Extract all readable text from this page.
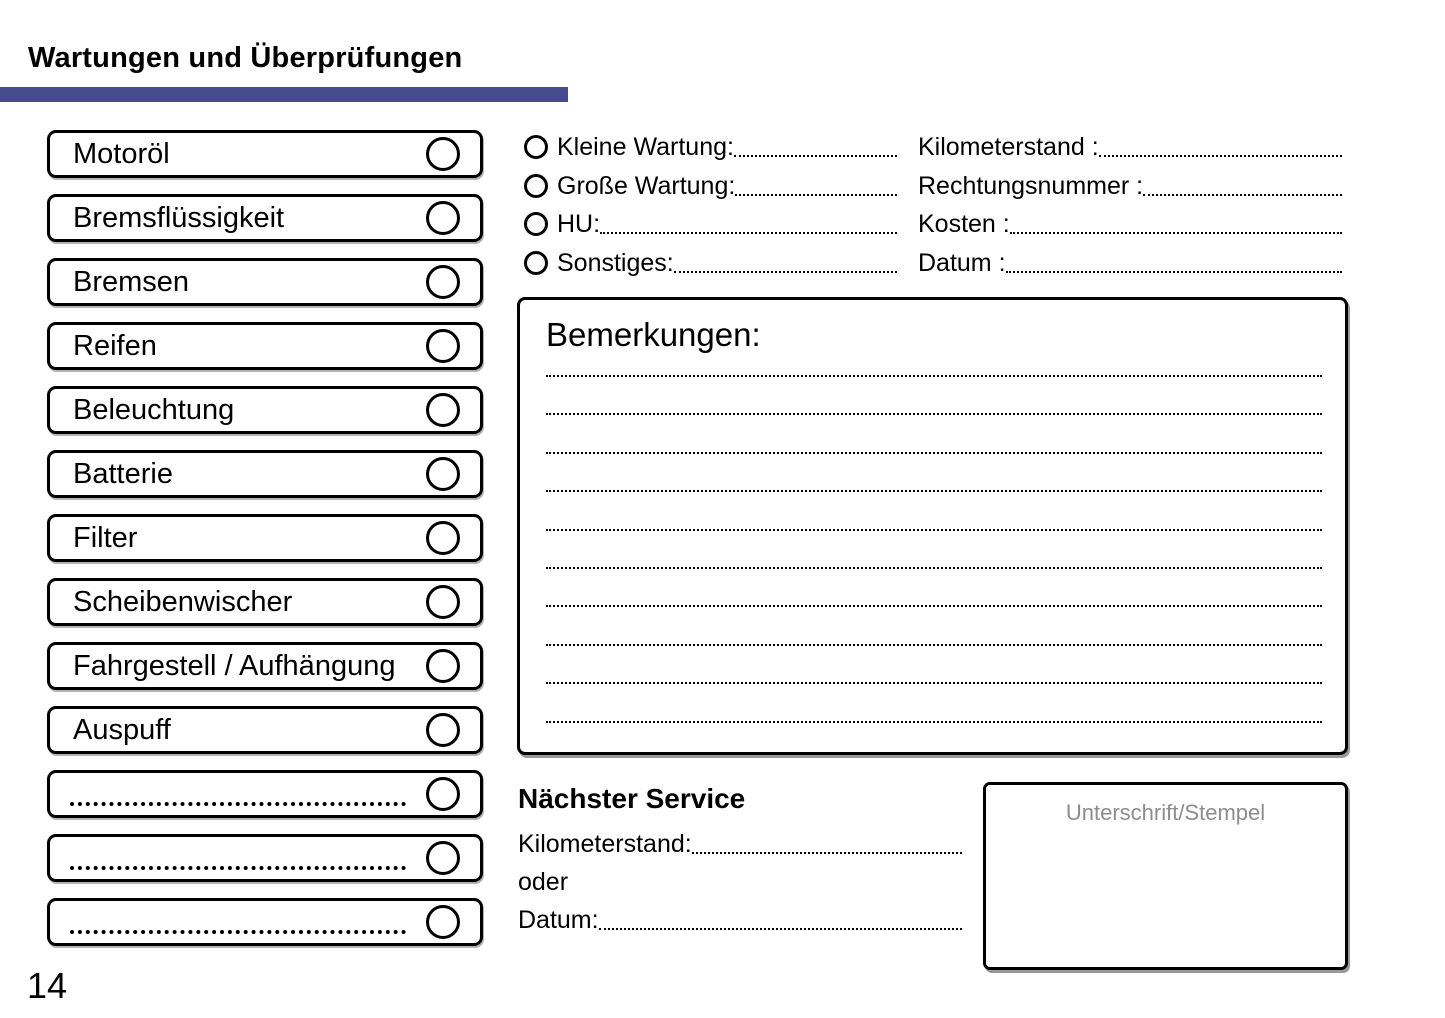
Wartungen und Überprüfungen
Motoröl
Bremsflüssigkeit
Bremsen
Reifen
Beleuchtung
Batterie
Filter
Scheibenwischer
Fahrgestell / Aufhängung
Auspuff
Kleine Wartung:
Große Wartung:
HU:
Sonstiges:
Kilometerstand :
Rechtungsnummer :
Kosten :
Datum :
Bemerkungen:
Nächster Service
Kilometerstand:
oder
Datum:
Unterschrift/Stempel
14
